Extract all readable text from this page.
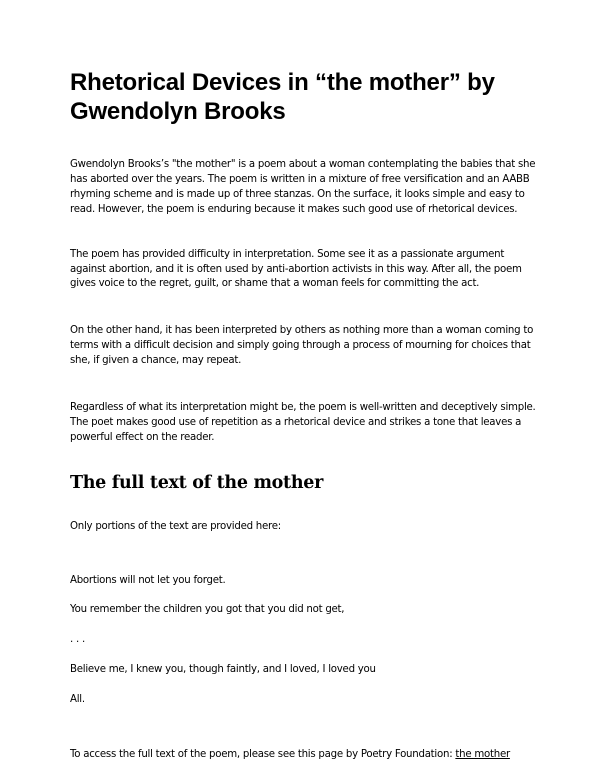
Rhetorical Devices in “the mother” by Gwendolyn Brooks

Gwendolyn Brooks’s "the mother" is a poem about a woman contemplating the babies that she has aborted over the years. The poem is written in a mixture of free versification and an AABB rhyming scheme and is made up of three stanzas. On the surface, it looks simple and easy to read. However, the poem is enduring because it makes such good use of rhetorical devices.

The poem has provided difficulty in interpretation. Some see it as a passionate argument against abortion, and it is often used by anti-abortion activists in this way. After all, the poem gives voice to the regret, guilt, or shame that a woman feels for committing the act.

On the other hand, it has been interpreted by others as nothing more than a woman coming to terms with a difficult decision and simply going through a process of mourning for choices that she, if given a chance, may repeat.

Regardless of what its interpretation might be, the poem is well-written and deceptively simple. The poet makes good use of repetition as a rhetorical device and strikes a tone that leaves a powerful effect on the reader.

The full text of the mother

Only portions of the text are provided here:

Abortions will not let you forget.

You remember the children you got that you did not get,

. . .

Believe me, I knew you, though faintly, and I loved, I loved you

All.

To access the full text of the poem, please see this page by Poetry Foundation: the mother
